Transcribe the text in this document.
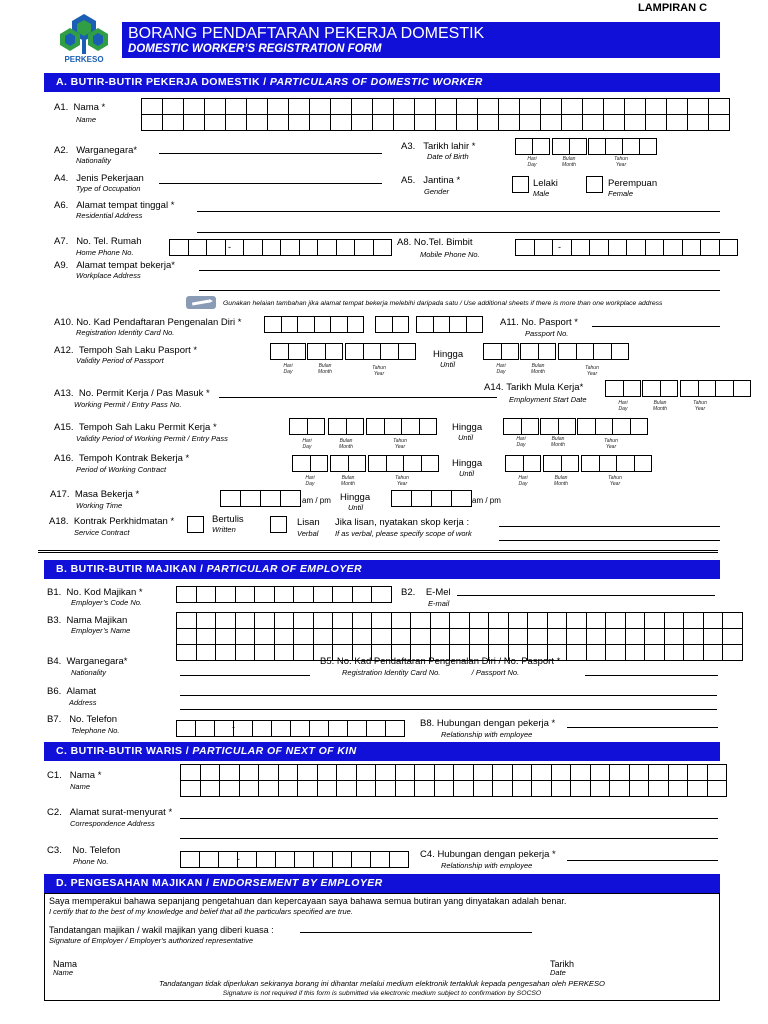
LAMPIRAN C
PERKESO
BORANG PENDAFTARAN PEKERJA DOMESTIK
DOMESTIC WORKER’S REGISTRATION FORM
A. BUTIR-BUTIR PEKERJA DOMESTIK / PARTICULARS OF DOMESTIC WORKER
A1. Nama *
Name
A2. Warganegara*
Nationality
A3. Tarikh lahir *
Date of Birth	Hari
Day
Bulan
Month
Tahun
Year
A4. Jenis Pekerjaan
Type of Occupation
A5. Jantina *
Gender
Lelaki
Male
Perempuan
Female
A6. Alamat tempat tinggal *
Residential Address
A7. No. Tel. Rumah
Home Phone No.
-	A8. No.Tel. Bimbit
Mobile Phone No.
-
A9. Alamat tempat bekerja*
Workplace Address
Gunakan helaian tambahan jika alamat tempat bekerja melebihi daripada satu / Use additional sheets if there is more than one workplace address
A10. No. Kad Pendaftaran Pengenalan Diri *
Registration Identity Card No.
A11. No. Pasport *
Passport No.
A12. Tempoh Sah Laku Pasport *
Validity Period of Passport
Hari
Day
Bulan
Month
Tahun
Year
Hingga
Until	Hari
Day
Bulan
Month
Tahun
Year
A13. No. Permit Kerja / Pas Masuk *
Working Permit / Entry Pass No.
A14. Tarikh Mula Kerja*
Employment Start Date	Hari
Day
Bulan
Month
Tahun
Year
A15. Tempoh Sah Laku Permit Kerja *
Validity Period of Working Permit / Entry Pass	Hari
Day
Bulan
Month
Tahun
Year
Hingga
Until	Hari
Day
Bulan
Month
Tahun
Year
A16. Tempoh Kontrak Bekerja *
Period of Working Contract
Hari
Day
Bulan
Month
Tahun
Year
Hingga
Until	Hari
Day
Bulan
Month
Tahun
Year
A17. Masa Bekerja *
Working Time
am / pm Hingga
Until
am / pm
A18. Kontrak Perkhidmatan *
Service Contract
Bertulis
Written
Lisan
Verbal
Jika lisan, nyatakan skop kerja :
If as verbal, please specify scope of work
B. BUTIR-BUTIR MAJIKAN / PARTICULAR OF EMPLOYER
B1. No. Kod Majikan *
Employer’s Code No.
B2. E-Mel
E-mail
B3. Nama Majikan
Employer’s Name
B4. Warganegara*
Nationality
B5. No. Kad Pendaftaran Pengenalan Diri / No. Pasport *
Registration Identity Card No.	/ Passport No.
B6. Alamat
Address
B7. No. Telefon
Telephone No.	-	B8. Hubungan dengan pekerja *
Relationship with employee
C. BUTIR-BUTIR WARIS / PARTICULAR OF NEXT OF KIN
C1. Nama *
Name
C2. Alamat surat-menyurat *
Correspondence Address
C3. No. Telefon
Phone No.	-	C4. Hubungan dengan pekerja *
Relationship with employee
D. PENGESAHAN MAJIKAN / ENDORSEMENT BY EMPLOYER
Saya memperakui bahawa sepanjang pengetahuan dan kepercayaan saya bahawa semua butiran yang dinyatakan adalah benar.
I certify that to the best of my knowledge and belief that all the particulars specified are true.
Tandatangan majikan / wakil majikan yang diberi kuasa :
Signature of Employer / Employer's authorized representative
Nama
Name
Tarikh
Date
Tandatangan tidak diperlukan sekiranya borang ini dihantar melalui medium elektronik tertakluk kepada pengesahan oleh PERKESO
Signature is not required if this form is submitted via electronic medium subject to confirmation by SOCSO
